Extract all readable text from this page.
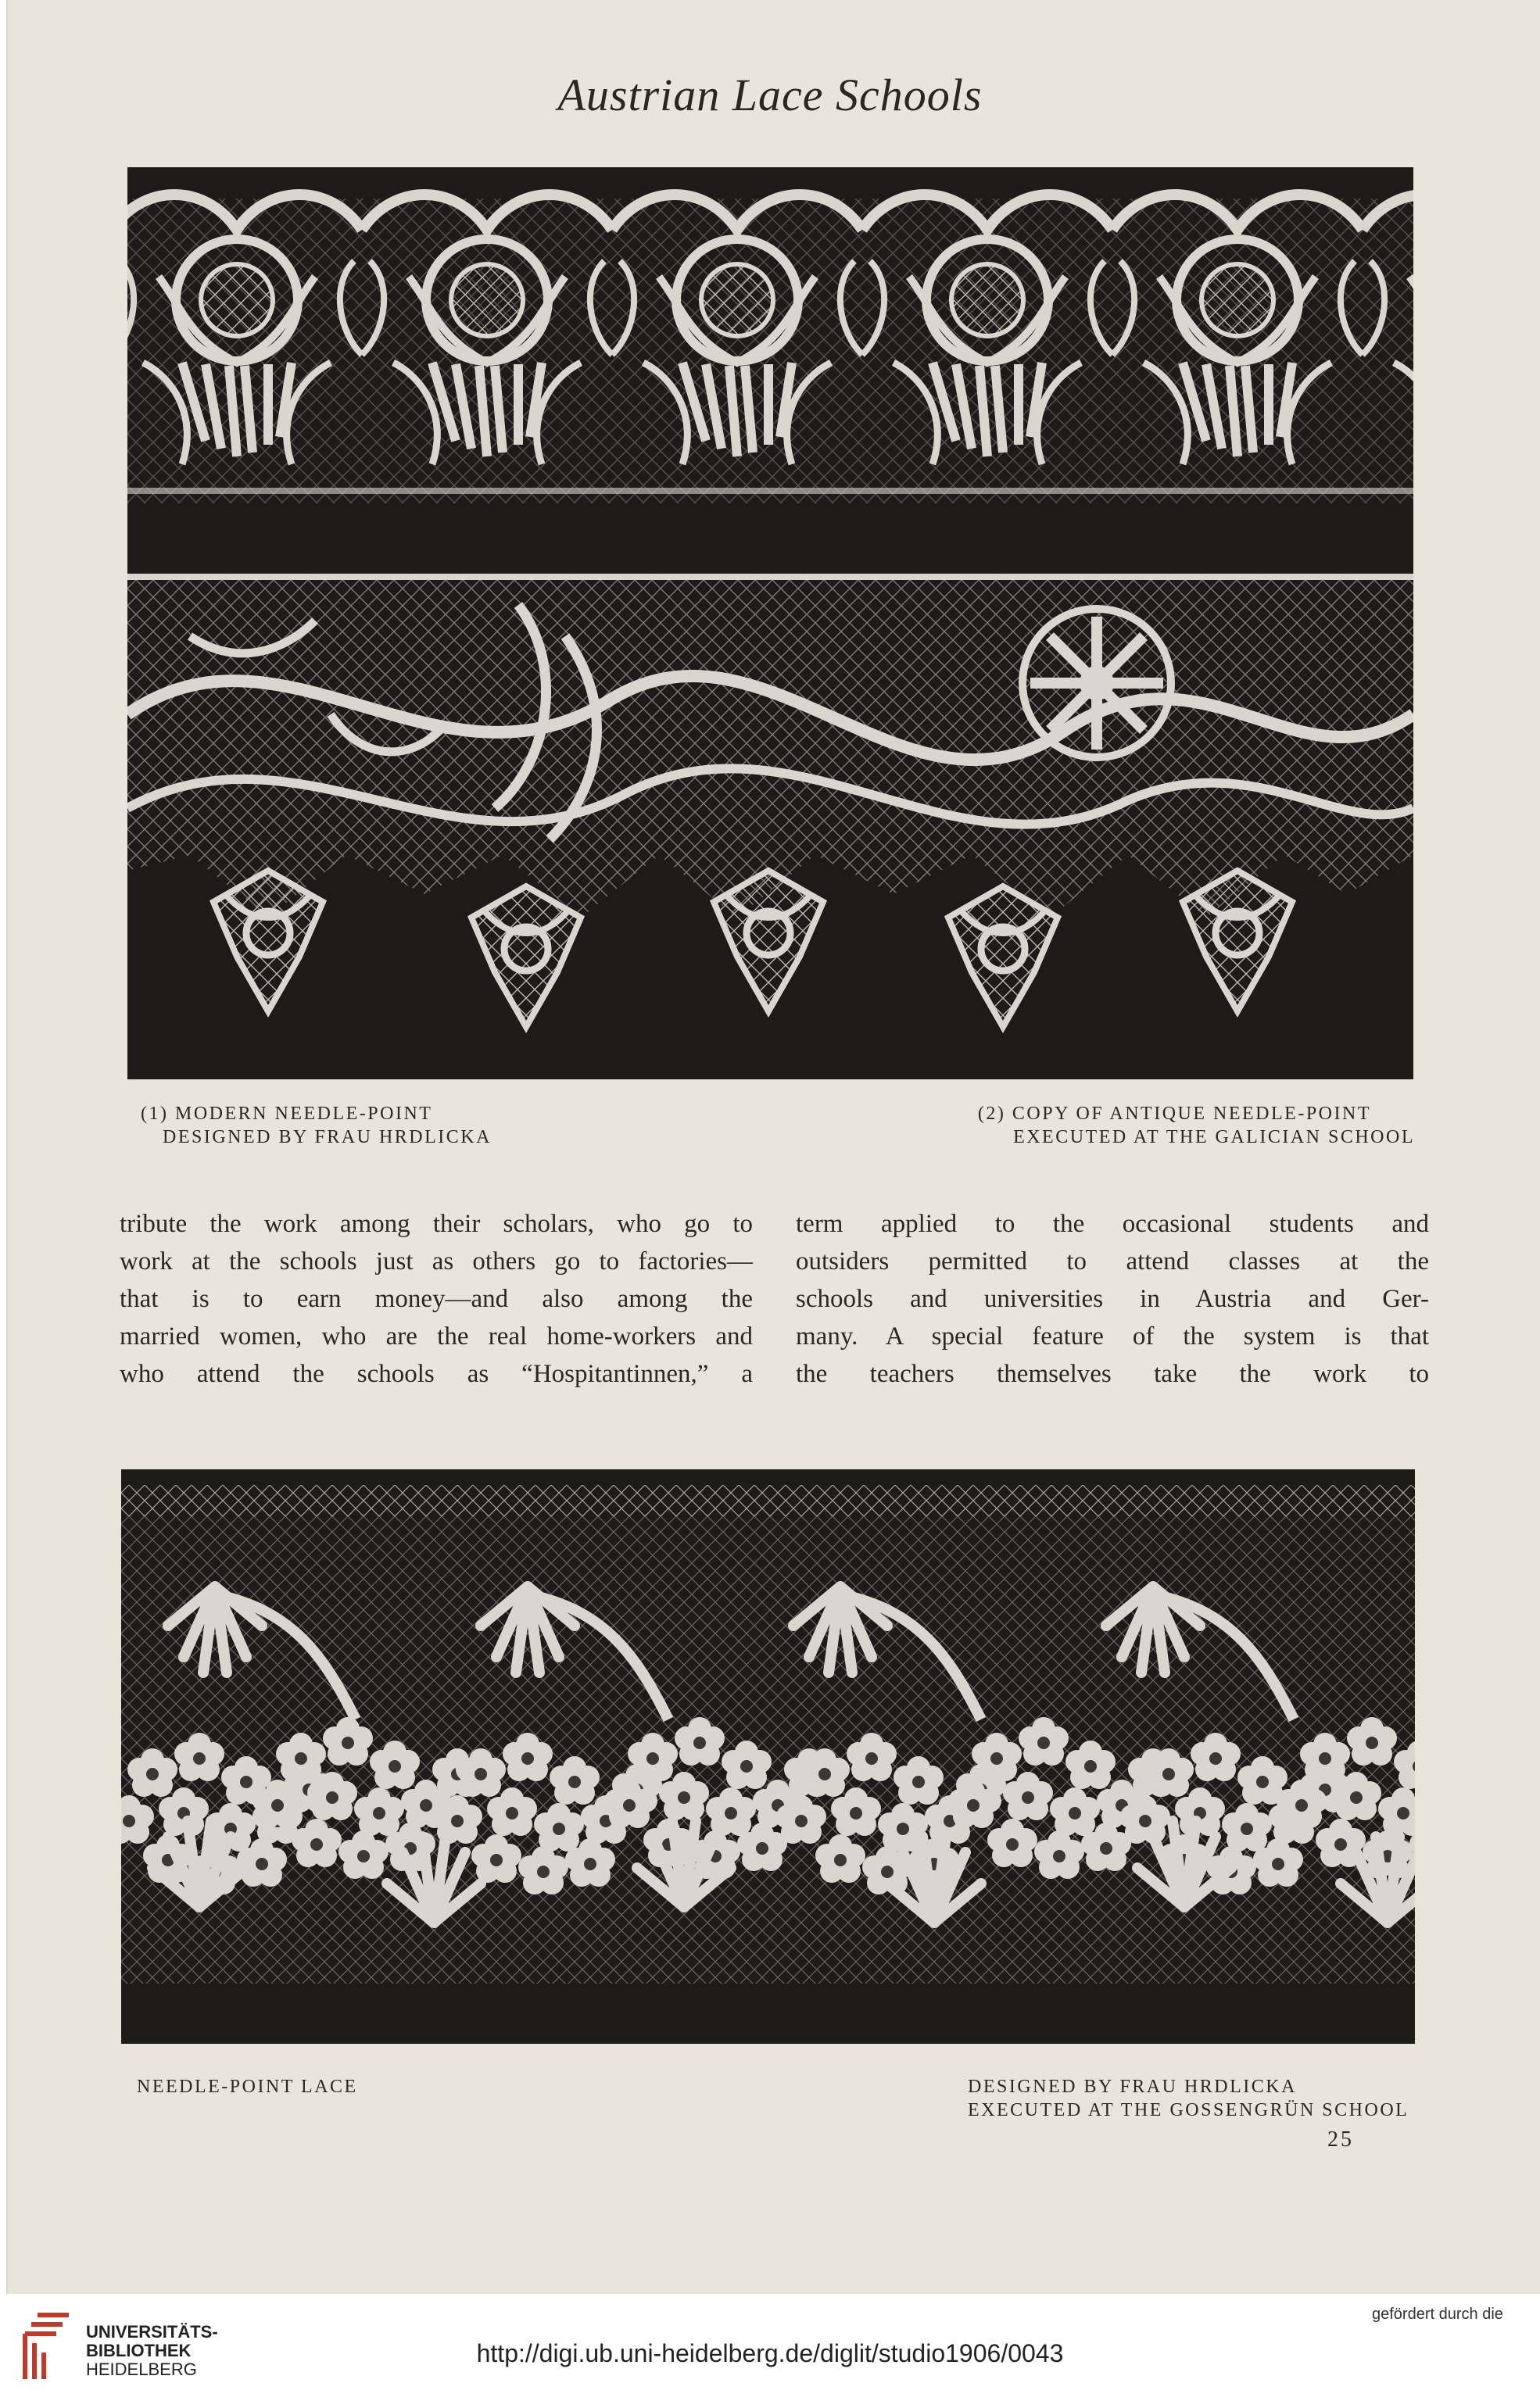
Austrian Lace Schools
(1) MODERN NEEDLE-POINT
DESIGNED BY FRAU HRDLICKA
(2) COPY OF ANTIQUE NEEDLE-POINT
EXECUTED AT THE GALICIAN SCHOOL
tribute the work among their scholars, who go to
work at the schools just as others go to factories—
that is to earn money—and also among the
married women, who are the real home-workers and
who attend the schools as “Hospitantinnen,” a
term applied to the occasional students and
outsiders permitted to attend classes at the
schools and universities in Austria and Ger-
many. A special feature of the system is that
the teachers themselves take the work to
NEEDLE-POINT LACE	DESIGNED BY FRAU HRDLICKA
EXECUTED AT THE GOSSENGRÜN SCHOOL
25
UNIVERSITÄTS-
BIBLIOTHEK
HEIDELBERG
http://digi.ub.uni-heidelberg.de/diglit/studio1906/0043
gefördert durch die
